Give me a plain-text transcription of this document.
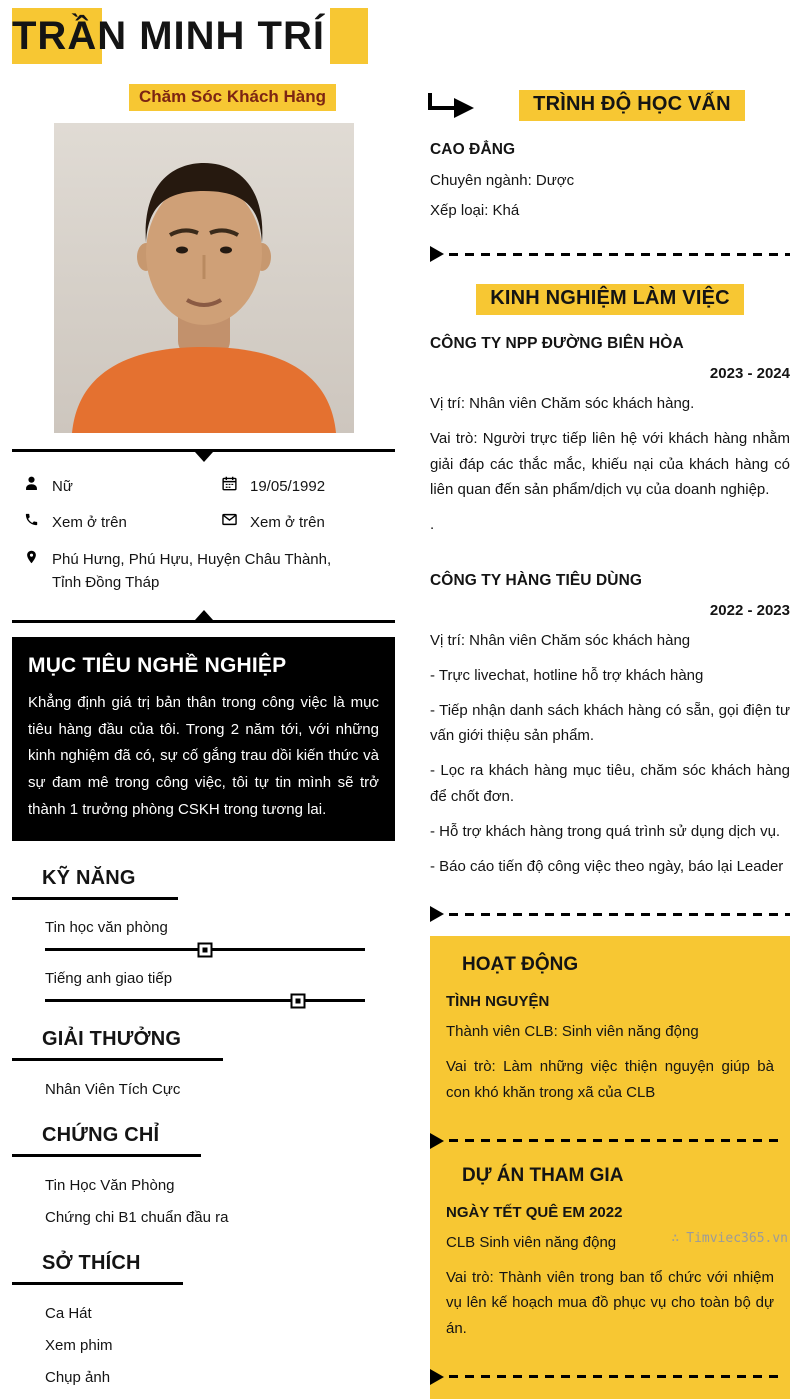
TRẦN MINH TRÍ
Chăm Sóc Khách Hàng
Nữ	19/05/1992
Xem ở trên	Xem ở trên
Phú Hưng, Phú Hựu, Huyện Châu Thành,
Tỉnh Đồng Tháp
MỤC TIÊU NGHỀ NGHIỆP

Khẳng định giá trị bản thân trong công việc là mục tiêu hàng đầu của tôi. Trong 2 năm tới, với những kinh nghiệm đã có, sự cố gắng trau dồi kiến thức và sự đam mê trong công việc, tôi tự tin mình sẽ trở thành 1 trưởng phòng CSKH trong tương lai.

KỸ NĂNG
Tin học văn phòng
Tiếng anh giao tiếp
GIẢI THƯỞNG
Nhân Viên Tích Cực
CHỨNG CHỈ
Tin Học Văn Phòng
Chứng chi B1 chuẩn đầu ra
SỞ THÍCH
Ca Hát
Xem phim
Chụp ảnh
TRÌNH ĐỘ HỌC VẤN
CAO ĐẲNG

Chuyên ngành: Dược

Xếp loại: Khá

KINH NGHIỆM LÀM VIỆC
CÔNG TY NPP ĐƯỜNG BIÊN HÒA
2023 - 2024

Vị trí: Nhân viên Chăm sóc khách hàng.

Vai trò: Người trực tiếp liên hệ với khách hàng nhằm giải đáp các thắc mắc, khiếu nại của khách hàng có liên quan đến sản phẩm/dịch vụ của doanh nghiệp.

.

CÔNG TY HÀNG TIÊU DÙNG
2022 - 2023

Vị trí: Nhân viên Chăm sóc khách hàng

- Trực livechat, hotline hỗ trợ khách hàng

- Tiếp nhận danh sách khách hàng có sẵn, gọi điện tư vấn giới thiệu sản phẩm.

- Lọc ra khách hàng mục tiêu, chăm sóc khách hàng để chốt đơn.

- Hỗ trợ khách hàng trong quá trình sử dụng dịch vụ.

- Báo cáo tiến độ công việc theo ngày, báo lại Leader

HOẠT ĐỘNG
TÌNH NGUYỆN

Thành viên CLB: Sinh viên năng động

Vai trò: Làm những việc thiện nguyện giúp bà con khó khăn trong xã của CLB

DỰ ÁN THAM GIA
NGÀY TẾT QUÊ EM 2022

CLB Sinh viên năng động

Vai trò: Thành viên trong ban tổ chức với nhiệm vụ lên kế hoạch mua đồ phục vụ cho toàn bộ dự án.

∴ Timviec365.vn
